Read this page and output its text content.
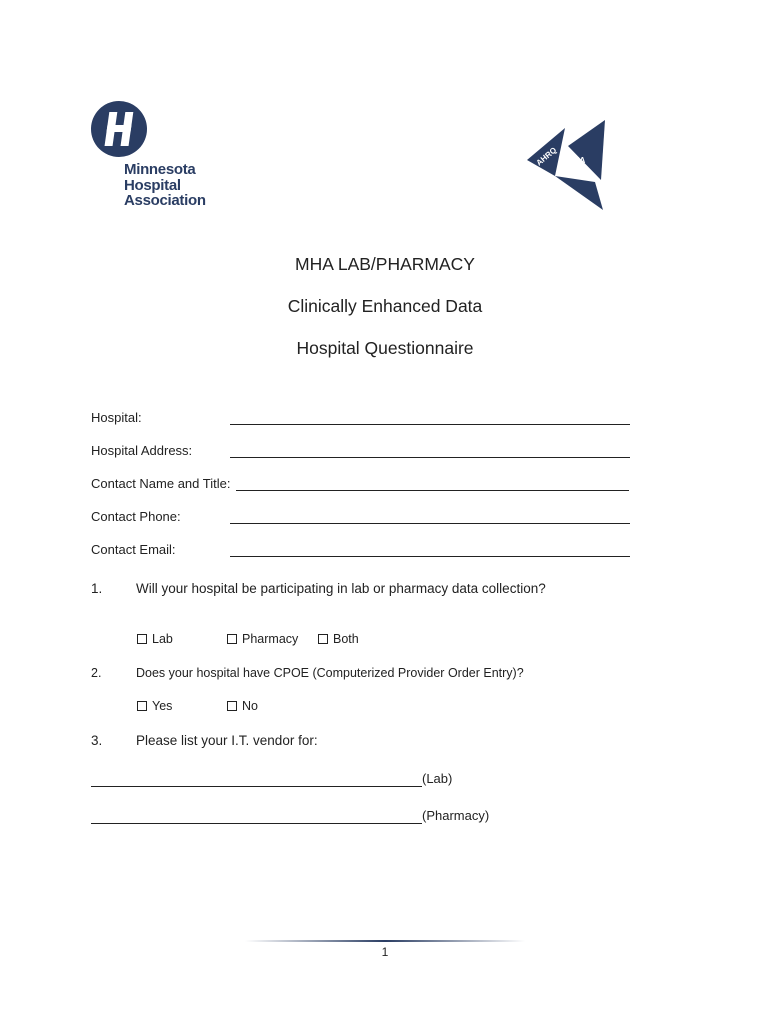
Minnesota
Hospital
Association
AHRQ MHA
MHA LAB/PHARMACY
Clinically Enhanced Data
Hospital Questionnaire
Hospital:
Hospital Address:
Contact Name and Title:
Contact Phone:
Contact Email:
1. Will your hospital be participating in lab or pharmacy data collection?
Lab	Pharmacy	Both
2.	Does your hospital have CPOE (Computerized Provider Order Entry)?
Yes	No
3. Please list your I.T. vendor for:
(Lab)
(Pharmacy)
1
